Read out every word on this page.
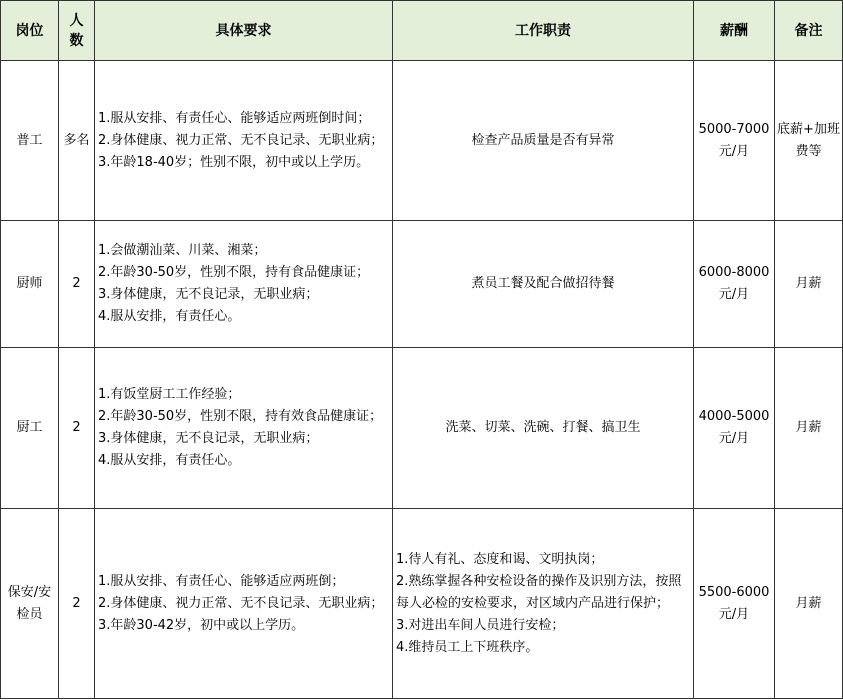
岗位	人数	具体要求	工作职责	薪酬	备注
普工	多名	1.服从安排、有责任心、能够适应两班倒时间；
2.身体健康、视力正常、无不良记录、无职业病；
3.年龄18-40岁；性别不限，初中或以上学历。	检查产品质量是否有异常	5000-7000元/月	底薪+加班费等
厨师	2	1.会做潮汕菜、川菜、湘菜；
2.年龄30-50岁，性别不限，持有食品健康证；
3.身体健康，无不良记录，无职业病；
4.服从安排，有责任心。	煮员工餐及配合做招待餐	6000-8000元/月	月薪
厨工	2	1.有饭堂厨工工作经验；
2.年龄30-50岁，性别不限，持有效食品健康证；
3.身体健康，无不良记录，无职业病；
4.服从安排，有责任心。	洗菜、切菜、洗碗、打餐、搞卫生	4000-5000元/月	月薪
保安/安检员	2	1.服从安排、有责任心、能够适应两班倒；
2.身体健康、视力正常、无不良记录、无职业病；
3.年龄30-42岁，初中或以上学历。	1.待人有礼、态度和谒、文明执岗；
2.熟练掌握各种安检设备的操作及识别方法，按照每人必检的安检要求，对区域内产品进行保护；
3.对进出车间人员进行安检；
4.维持员工上下班秩序。	5500-6000元/月	月薪
